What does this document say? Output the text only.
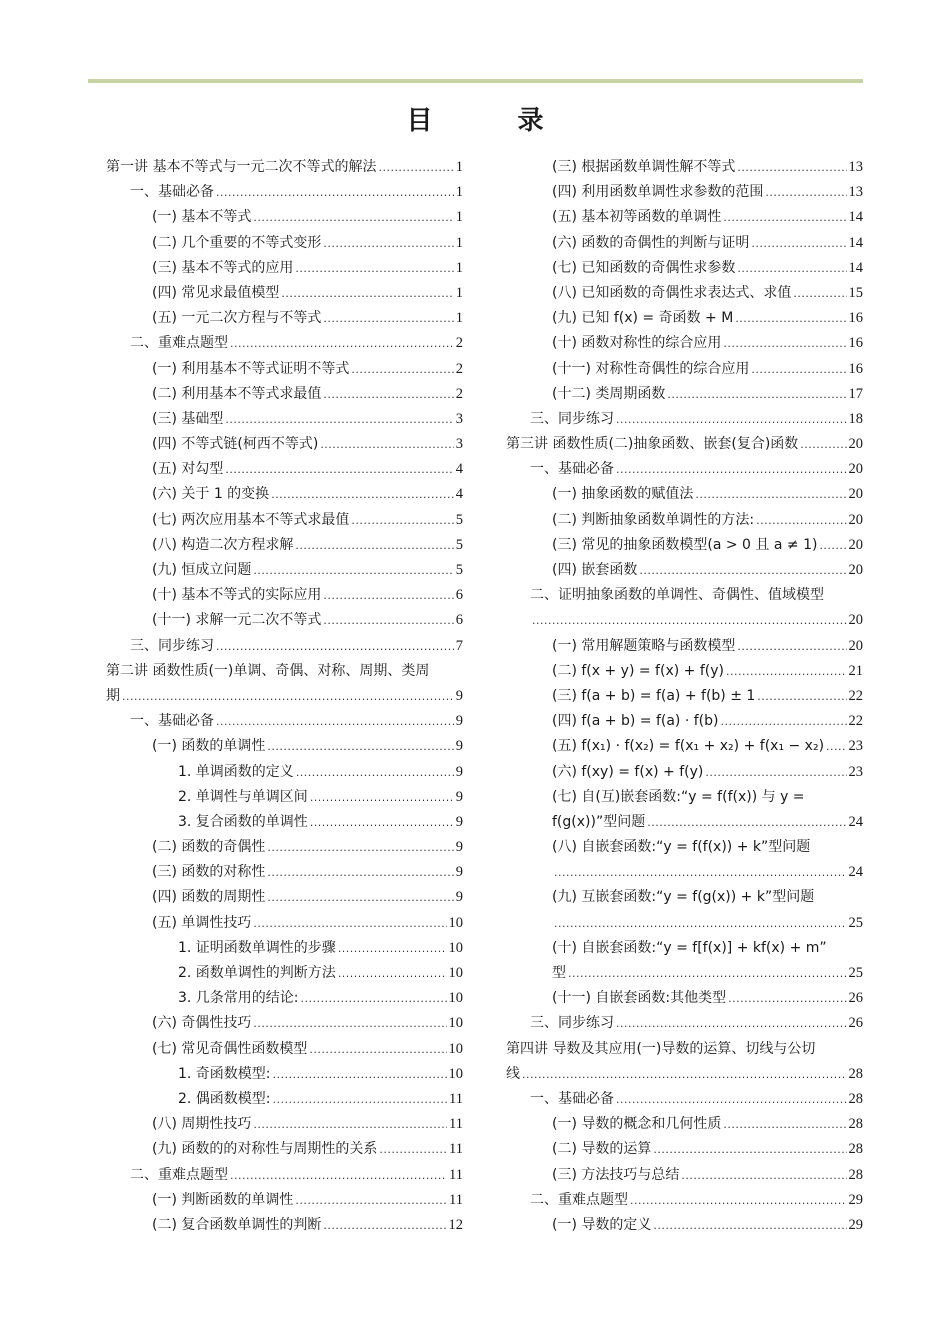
目 录
第一讲 基本不等式与一元二次不等式的解法 .....	1
一、基础必备 .....	1
(一) 基本不等式 .....	1
(二) 几个重要的不等式变形 .....	1
(三) 基本不等式的应用 .....	1
(四) 常见求最值模型 .....	1
(五) 一元二次方程与不等式 .....	1
二、重难点题型 .....	2
(一) 利用基本不等式证明不等式 .....	2
(二) 利用基本不等式求最值 .....	2
(三) 基础型 .....	3
(四) 不等式链(柯西不等式) .....	3
(五) 对勾型 .....	4
(六) 关于 1 的变换 .....	4
(七) 两次应用基本不等式求最值 .....	5
(八) 构造二次方程求解 .....	5
(九) 恒成立问题 .....	5
(十) 基本不等式的实际应用 .....	6
(十一) 求解一元二次不等式 .....	6
三、同步练习 .....	7
第二讲 函数性质(一)单调、奇偶、对称、周期、类周
期 .....	9
一、基础必备 .....	9
(一) 函数的单调性 .....	9
1. 单调函数的定义 .....	9
2. 单调性与单调区间 .....	9
3. 复合函数的单调性 .....	9
(二) 函数的奇偶性 .....	9
(三) 函数的对称性 .....	9
(四) 函数的周期性 .....	9
(五) 单调性技巧 .....	10
1. 证明函数单调性的步骤 .....	10
2. 函数单调性的判断方法 .....	10
3. 几条常用的结论: .....	10
(六) 奇偶性技巧 .....	10
(七) 常见奇偶性函数模型 .....	10
1. 奇函数模型: .....	10
2. 偶函数模型: .....	11
(八) 周期性技巧 .....	11
(九) 函数的的对称性与周期性的关系 .....	11
二、重难点题型 .....	11
(一) 判断函数的单调性 .....	11
(二) 复合函数单调性的判断 .....	12
(三) 根据函数单调性解不等式 .....	13
(四) 利用函数单调性求参数的范围 .....	13
(五) 基本初等函数的单调性 .....	14
(六) 函数的奇偶性的判断与证明 .....	14
(七) 已知函数的奇偶性求参数 .....	14
(八) 已知函数的奇偶性求表达式、求值 .....	15
(九) 已知 f(x) = 奇函数 + M .....	16
(十) 函数对称性的综合应用 .....	16
(十一) 对称性奇偶性的综合应用 .....	16
(十二) 类周期函数 .....	17
三、同步练习 .....	18
第三讲 函数性质(二)抽象函数、嵌套(复合)函数 .....	20
一、基础必备 .....	20
(一) 抽象函数的赋值法 .....	20
(二) 判断抽象函数单调性的方法: .....	20
(三) 常见的抽象函数模型(a > 0 且 a ≠ 1) ..... 20
(四) 嵌套函数 .....	20
二、证明抽象函数的单调性、奇偶性、值域模型
.....
20
(一) 常用解题策略与函数模型 .....	20
(二) f(x + y) = f(x) + f(y) .....	21
(三) f(a + b) = f(a) + f(b) ± 1 .....	22
(四) f(a + b) = f(a) · f(b) .....	22
(五) f(x₁) · f(x₂) = f(x₁ + x₂) + f(x₁ − x₂) ..... 23
(六) f(xy) = f(x) + f(y) .....	23
(七) 自(互)嵌套函数:“y = f(f(x)) 与 y =
f(g(x))”型问题 .....	24
(八) 自嵌套函数:“y = f(f(x)) + k”型问题
.....
24
(九) 互嵌套函数:“y = f(g(x)) + k”型问题
.....
25
(十) 自嵌套函数:“y = f[f(x)] + kf(x) + m”
型 .....	25
(十一) 自嵌套函数:其他类型 .....	26
三、同步练习 .....	26
第四讲 导数及其应用(一)导数的运算、切线与公切
线 .....	28
一、基础必备 .....	28
(一) 导数的概念和几何性质 .....	28
(二) 导数的运算 .....	28
(三) 方法技巧与总结 .....	28
二、重难点题型 .....	29
(一) 导数的定义 .....	29
